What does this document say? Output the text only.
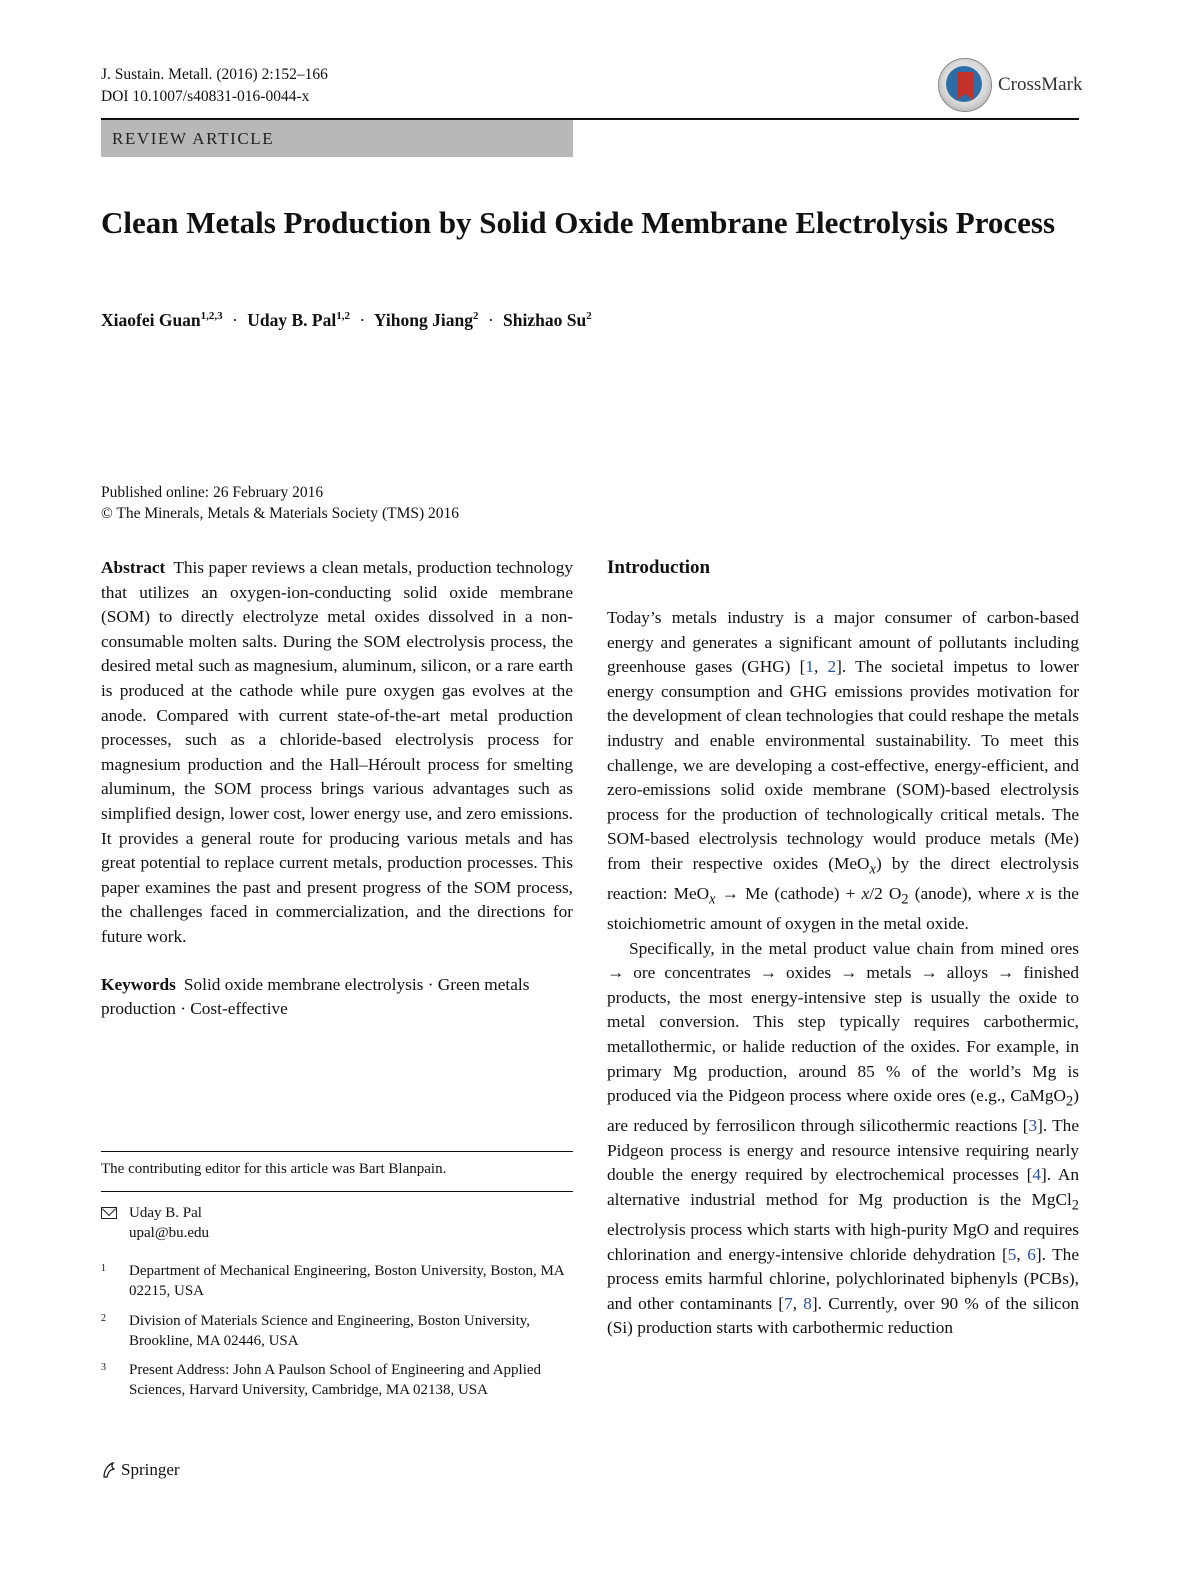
J. Sustain. Metall. (2016) 2:152–166
DOI 10.1007/s40831-016-0044-x
CrossMark
REVIEW ARTICLE
Clean Metals Production by Solid Oxide Membrane Electrolysis Process
Xiaofei Guan$^{1,2,3}$ · Uday B. Pal$^{1,2}$ · Yihong Jiang$^2$ · Shizhao Su$^2$
Published online: 26 February 2016
© The Minerals, Metals & Materials Society (TMS) 2016

Abstract This paper reviews a clean metals, production technology that utilizes an oxygen-ion-conducting solid oxide membrane (SOM) to directly electrolyze metal oxides dissolved in a non-consumable molten salts. During the SOM electrolysis process, the desired metal such as magnesium, aluminum, silicon, or a rare earth is produced at the cathode while pure oxygen gas evolves at the anode. Compared with current state-of-the-art metal production processes, such as a chloride-based electrolysis process for magnesium production and the Hall–Héroult process for smelting aluminum, the SOM process brings various advantages such as simplified design, lower cost, lower energy use, and zero emissions. It provides a general route for producing various metals and has great potential to replace current metals, production processes. This paper examines the past and present progress of the SOM process, the challenges faced in commercialization, and the directions for future work.

Keywords Solid oxide membrane electrolysis · Green metals production · Cost-effective

The contributing editor for this article was Bart Blanpain.
Uday B. Pal
upal@bu.edu
1 Department of Mechanical Engineering, Boston University, Boston, MA 02215, USA
2 Division of Materials Science and Engineering, Boston University, Brookline, MA 02446, USA
3 Present Address: John A Paulson School of Engineering and Applied Sciences, Harvard University, Cambridge, MA 02138, USA
Introduction

Today’s metals industry is a major consumer of carbon-based energy and generates a significant amount of pollutants including greenhouse gases (GHG) [1, 2]. The societal impetus to lower energy consumption and GHG emissions provides motivation for the development of clean technologies that could reshape the metals industry and enable environmental sustainability. To meet this challenge, we are developing a cost-effective, energy-efficient, and zero-emissions solid oxide membrane (SOM)-based electrolysis process for the production of technologically critical metals. The SOM-based electrolysis technology would produce metals (Me) from their respective oxides (MeO$_x$) by the direct electrolysis reaction: MeO$_x$ → Me (cathode) + x/2 $O_2$ (anode), where x is the stoichiometric amount of oxygen in the metal oxide.

Specifically, in the metal product value chain from mined ores → ore concentrates → oxides → metals → alloys → finished products, the most energy-intensive step is usually the oxide to metal conversion. This step typically requires carbothermic, metallothermic, or halide reduction of the oxides. For example, in primary Mg production, around 85 % of the world’s Mg is produced via the Pidgeon process where oxide ores (e.g., CaMgO$_2$) are reduced by ferrosilicon through silicothermic reactions [3]. The Pidgeon process is energy and resource intensive requiring nearly double the energy required by electrochemical processes [4]. An alternative industrial method for Mg production is the MgCl$_2$ electrolysis process which starts with high-purity MgO and requires chlorination and energy-intensive chloride dehydration [5, 6]. The process emits harmful chlorine, polychlorinated biphenyls (PCBs), and other contaminants [7, 8]. Currently, over 90 % of the silicon (Si) production starts with carbothermic reduction

Springer
